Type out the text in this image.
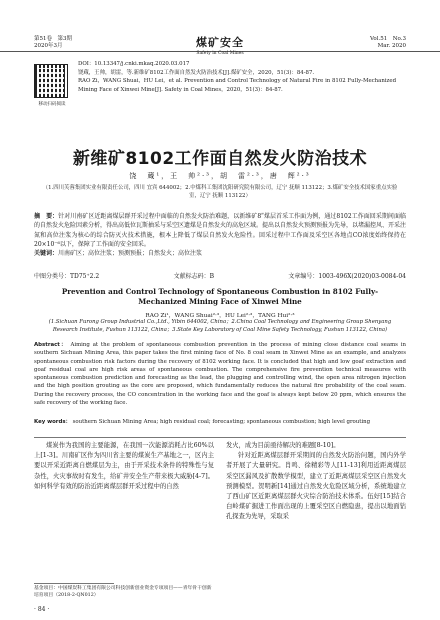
第51卷　第3期
2020年3月	煤矿安全
Safety in Coal Mines
Vol.51　No.3
Mar. 2020
移动扫码阅读
DOI：10.13347/j.cnki.mkaq.2020.03.017
饶蔵，王帅，胡雷，等.新维矿8102工作面自然发火防治技术[J].煤矿安全，2020，51(3)：84-87.
RAO Zi，WANG Shuai，HU Lei，et al. Prevention and Control Technology of Natural Fire in 8102 Fully-Mechanized Mining Face of Xinwei Mine[J]. Safety in Coal Mines，2020，51(3)：84-87.
新维矿8102工作面自然发火防治技术
饶　蔵¹，王　帅²·³，胡　雷²·³，唐　辉²·³
（1.四川芙蓉集团实业有限责任公司，四川 宜宾 644002；2.中煤科工集团沈阳研究院有限公司，辽宁 抚顺 113122；3.煤矿安全技术国家重点实验室，辽宁 抚顺 113122）
摘　要：针对川南矿区近距离煤层群开采过程中面临的自然发火防治难题，以新维矿8ʺ煤层首采工作面为例，通过8102工作面回采期间面临的自然发火危险因素分析，得出高低位瓦斯抽采与采空区遗煤是自然发火的高危区域。提出以自然发火预测预报为先导，以堵漏控风、开采注氮和高位注浆为核心的综合防灭火技术措施，根本上降低了煤层自然发火危险性。回采过程中工作面及采空区各地点CO浓度始终保持在20×10⁻⁶以下，保障了工作面的安全回采。
关键词：川南矿区；高位注浆；预测预报；自然发火；高位注浆
中图分类号：TD75⁺2.2	文献标志码：B	文章编号：1003-496X(2020)03-0084-04
Prevention and Control Technology of Spontaneous Combustion in 8102 Fully-Mechanized Mining Face of Xinwei Mine
RAO Zi¹，WANG Shuai²·³，HU Lei²·³，TANG Hui²·³
(1.Sichuan Furong Group Industrial Co.,Ltd., Yibin 644002, China；2.China Coal Technology and Engineering Group Shenyang Research Institute, Fushun 113122, China；3.State Key Laboratory of Coal Mine Safety Technology, Fushun 113122, China)
Abstract： Aiming at the problem of spontaneous combustion prevention in the process of mining close distance coal seams in southern Sichuan Mining Area, this paper takes the first mining face of No. 8 coal seam in Xinwei Mine as an example, and analyzes spontaneous combustion risk factors during the recovery of 8102 working face. It is concluded that high and low goaf extraction and goaf residual coal are high risk areas of spontaneous combustion. The comprehensive fire prevention technical measures with spontaneous combustion prediction and forecasting as the lead, the plugging and controlling wind, the open area nitrogen injection and the high position grouting as the core are proposed, which fundamentally reduces the natural fire probability of the coal seam. During the recovery process, the CO concentration in the working face and the goaf is always kept below 20 ppm, which ensures the safe recovery of the working face.
Key words： southern Sichuan Mining Area; high residual coal; forecasting; spontaneous combustion; high level grouting
煤炭作为我国的主要能源，在我国一次能源消耗占比60%以上[1-3]。川南矿区作为四川省主要的煤炭生产基地之一，区内主要以开采近距离自燃煤层为主，由于开采技术条件的特殊性与复杂性，火灾事故时有发生，给矿井安全生产带来极大威胁[4-7]。如何科学有效的防治近距离煤层群开采过程中的自然

发火，成为目前亟待解决的难题[8-10]。

针对近距离煤层群开采期间的自然发火防治问题，国内外学者开展了大量研究。肖鸣、徐精彩等人[11-13]利用近距离煤层采空区漏风及扩散数学模型，建立了近距离煤层采空区自然发火预测模型。贺明新[14]通过自然发火危险区域分析，系统地建立了西山矿区近距离煤层群火灾综合防治技术体系。伍好[15]结合白岭煤矿掘进工作面出现的上覆采空区自燃隐患，提出以地面钻孔探查为先导，采取采

基金项目：中国煤炭科工集团有限公司科技创新创业资金专项项目——青年骨干创新培育项目（2018-2-QN012）
· 84 ·
